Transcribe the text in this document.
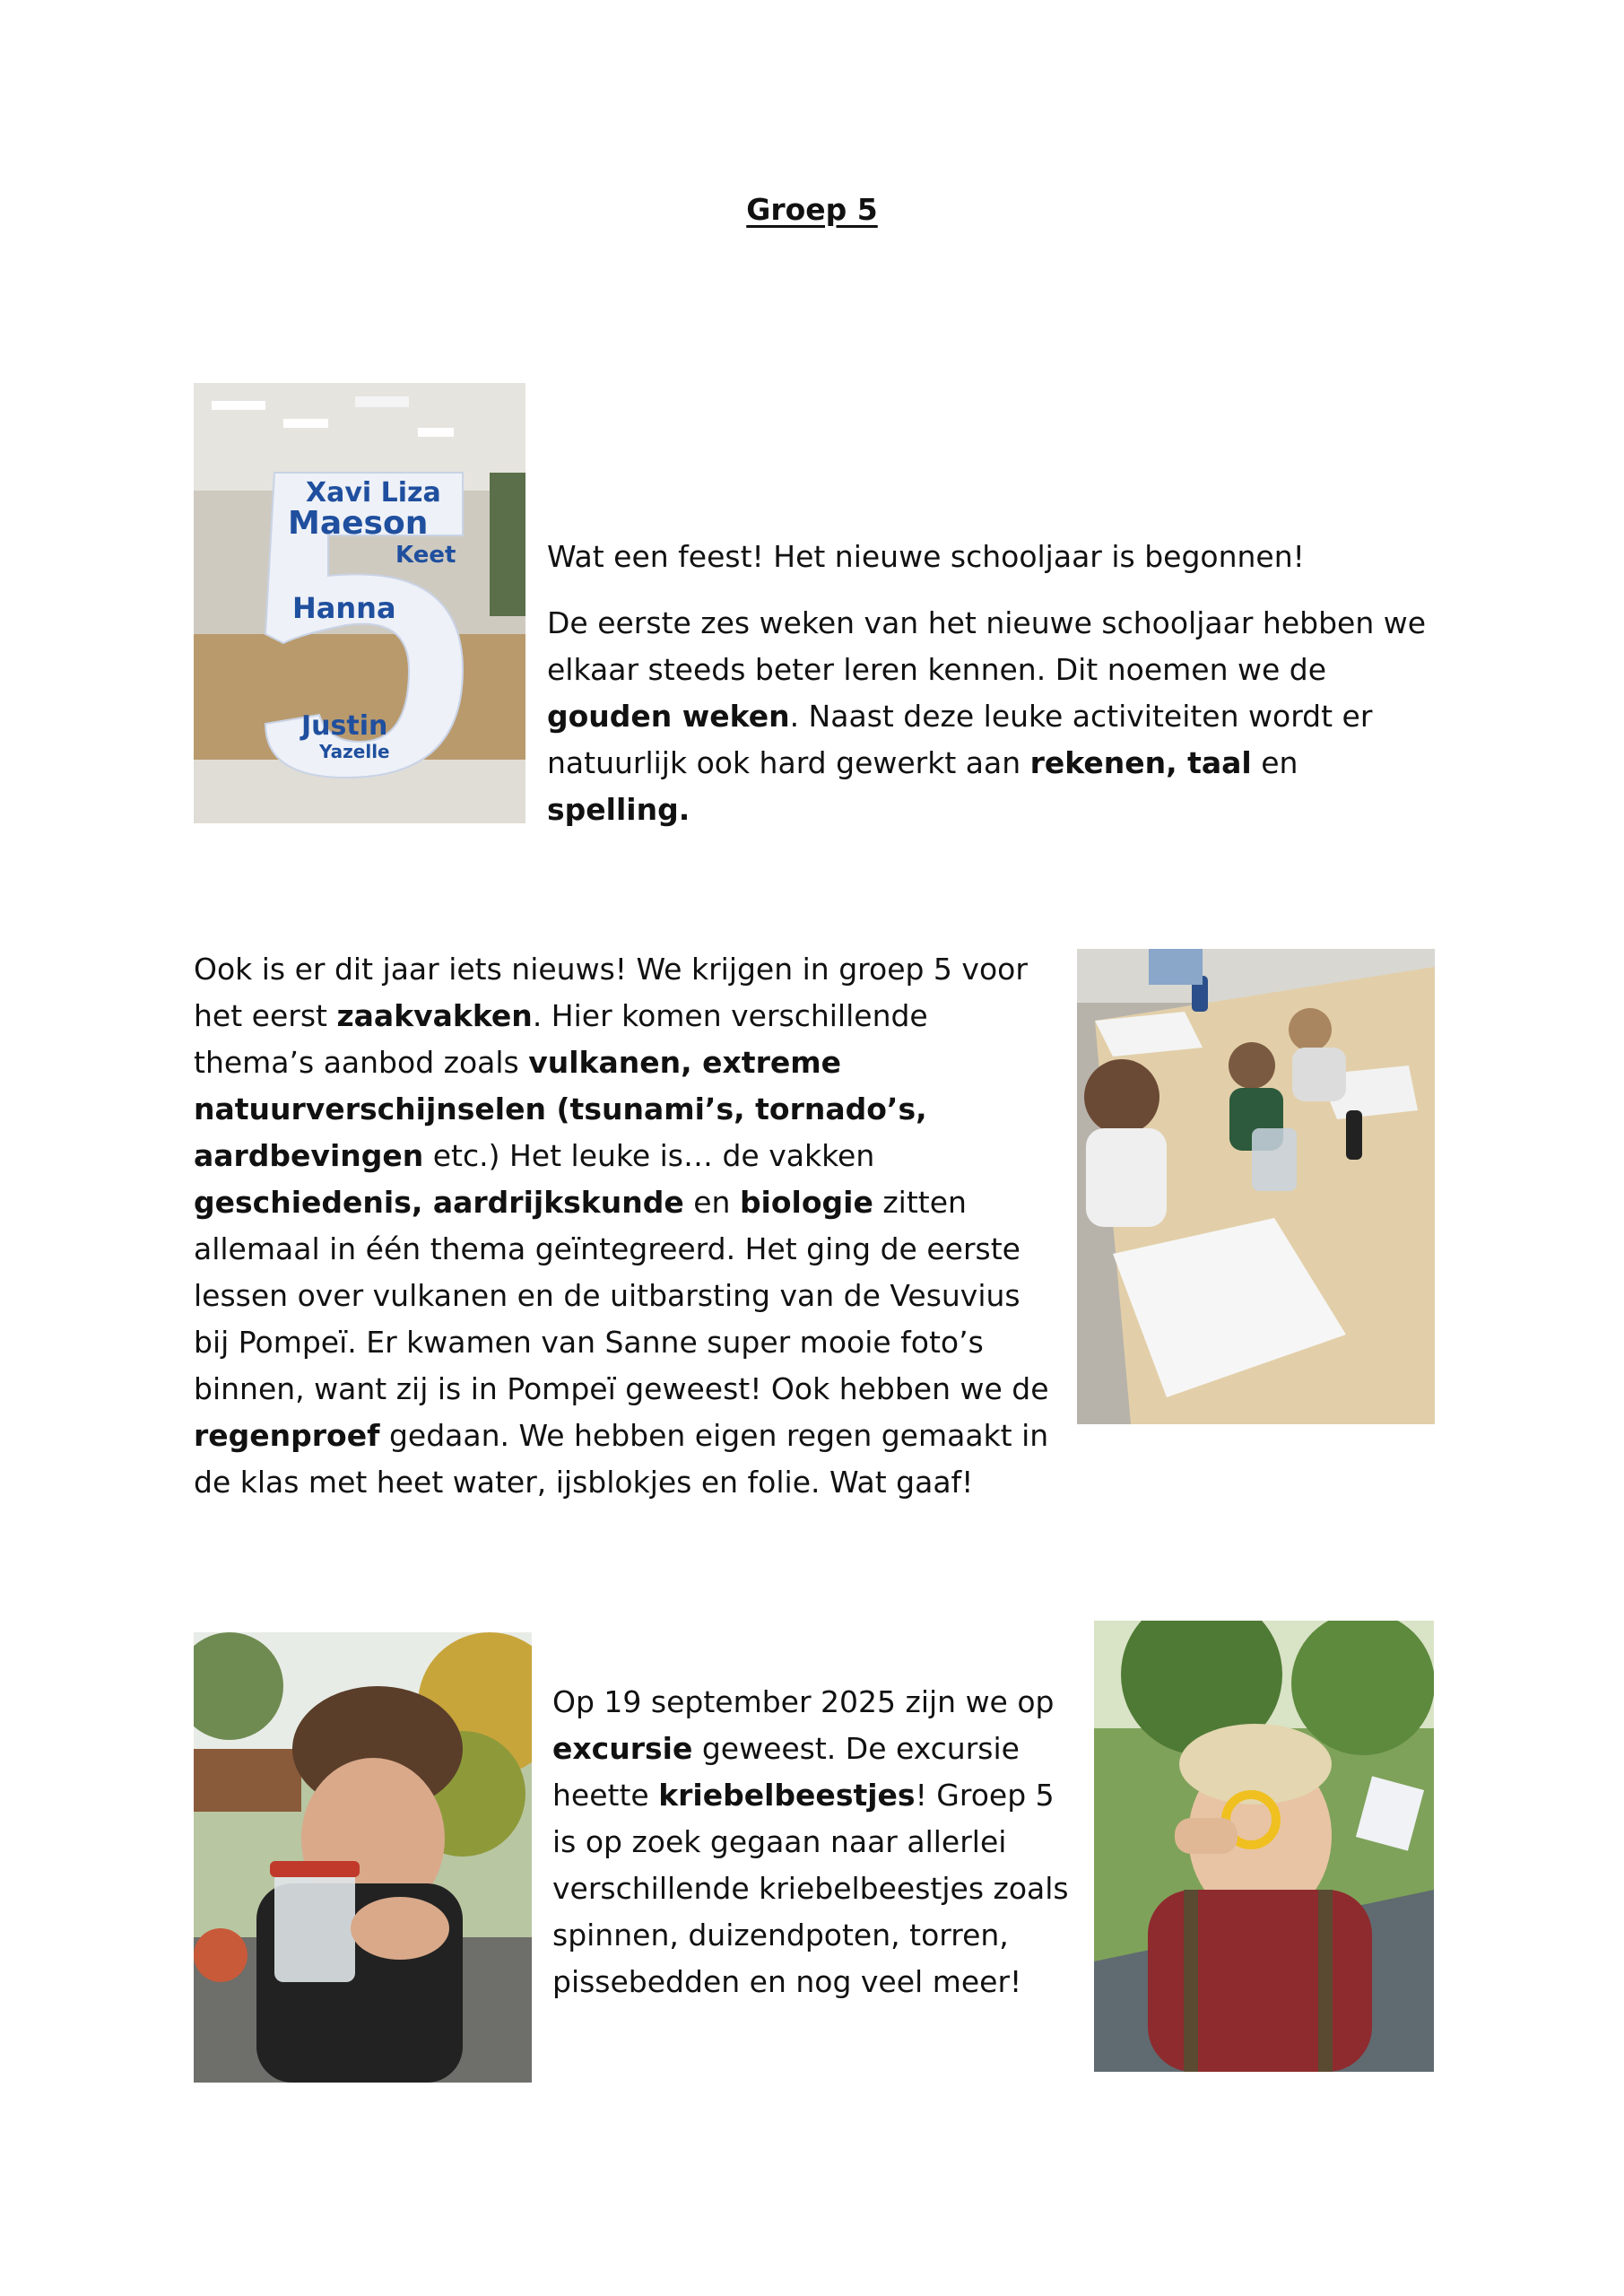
Groep 5
Xavi Liza
Maeson
Keet
Hanna
Justin
Yazelle

Wat een feest! Het nieuwe schooljaar is begonnen!

De eerste zes weken van het nieuwe schooljaar hebben we elkaar steeds beter leren kennen. Dit noemen we de gouden weken. Naast deze leuke activiteiten wordt er natuurlijk ook hard gewerkt aan rekenen, taal en spelling.

Ook is er dit jaar iets nieuws! We krijgen in groep 5 voor het eerst zaakvakken. Hier komen verschillende thema’s aanbod zoals vulkanen, extreme natuurverschijnselen (tsunami’s, tornado’s, aardbevingen etc.) Het leuke is… de vakken geschiedenis, aardrijkskunde en biologie zitten allemaal in één thema geïntegreerd. Het ging de eerste lessen over vulkanen en de uitbarsting van de Vesuvius bij Pompeï. Er kwamen van Sanne super mooie foto’s binnen, want zij is in Pompeï geweest! Ook hebben we de regenproef gedaan. We hebben eigen regen gemaakt in de klas met heet water, ijsblokjes en folie. Wat gaaf!

Op 19 september 2025 zijn we op excursie geweest. De excursie heette kriebelbeestjes! Groep 5 is op zoek gegaan naar allerlei verschillende kriebelbeestjes zoals spinnen, duizendpoten, torren, pissebedden en nog veel meer!
